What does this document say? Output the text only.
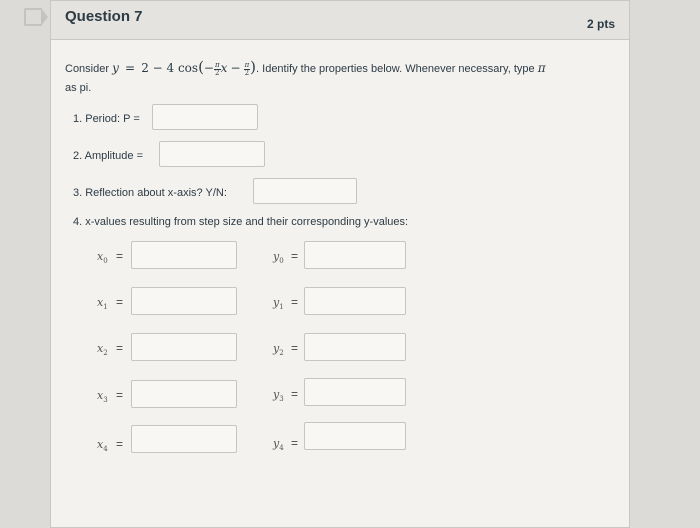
Question 7	2 pts
Consider y = 2 − 4 $\cos(- \frac{\pi}{2}$ $x - \frac{\pi}{2}$ ). Identify the properties below. Whenever necessary, type π
as pi.
1. Period: P =
2. Amplitude =
3. Reflection about x-axis? Y/N:
4. x-values resulting from step size and their corresponding y-values:
$x_0$ =	$y_0$ =
$x_1$ =	$y_1$ =
$x_2$ =	$y_2$ =
$x_3$ =	$y_3$ =
$x_4$ =	$y_4$ =
